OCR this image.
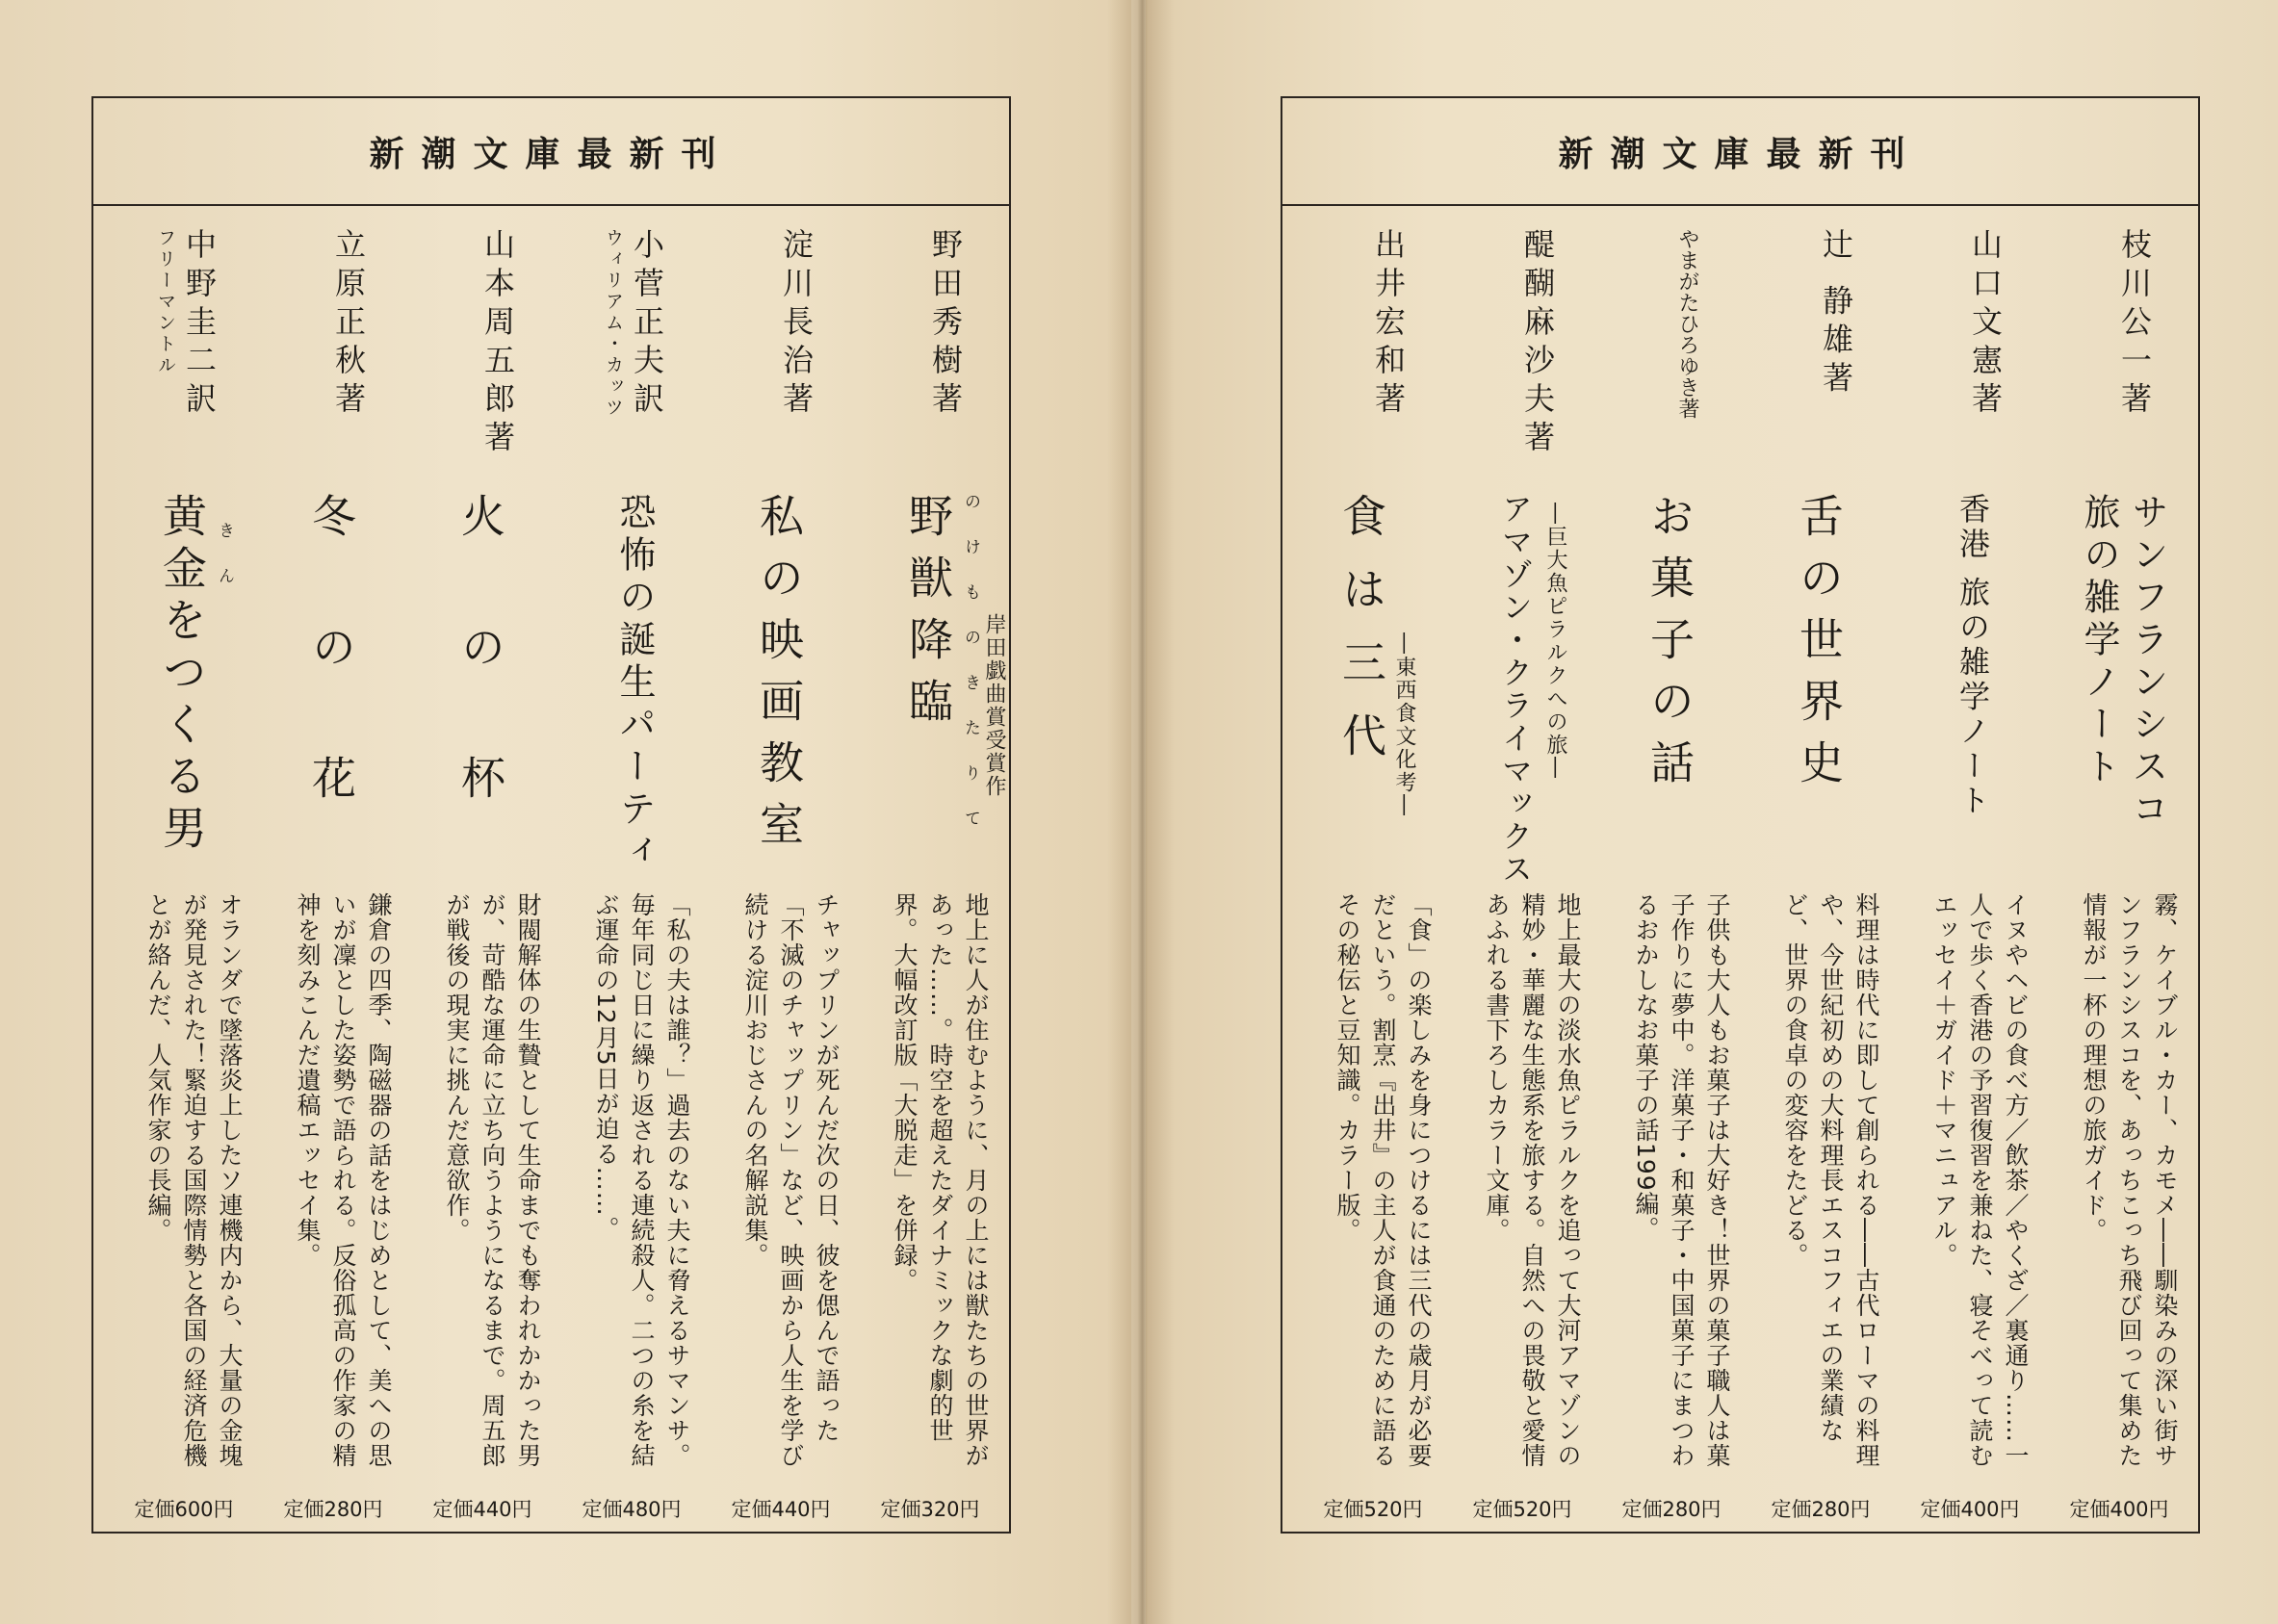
新潮文庫最新刊
野田秀樹著
野獣降臨 のけものきたりて 岸田戯曲賞受賞作
地上に人が住むように、月の上には獣たちの世界があった……。時空を超えたダイナミックな劇的世界。大幅改訂版「大脱走」を併録。
定価320円
淀川長治著
私の映画教室
チャップリンが死んだ次の日、彼を偲んで語った「不滅のチャップリン」など、映画から人生を学び続ける淀川おじさんの名解説集。
定価440円
ウィリアム・カッツ 小菅正夫訳
恐怖の誕生パーティ
「私の夫は誰？」過去のない夫に脅えるサマンサ。毎年同じ日に繰り返される連続殺人。二つの糸を結ぶ運命の12月5日が迫る……。
定価480円
山本周五郎著
火の杯
財閥解体の生贄として生命までも奪われかかった男が、苛酷な運命に立ち向うようになるまで。周五郎が戦後の現実に挑んだ意欲作。
定価440円
立原正秋著
冬の花
鎌倉の四季、陶磁器の話をはじめとして、美への思いが凜とした姿勢で語られる。反俗孤高の作家の精神を刻みこんだ遺稿エッセイ集。
定価280円
フリーマントル 中野圭二訳
黄金をつくる男 きん
オランダで墜落炎上したソ連機内から、大量の金塊が発見された！緊迫する国際情勢と各国の経済危機とが絡んだ、人気作家の長編。
定価600円
新潮文庫最新刊
枝川公一著
サンフランシスコ旅の雑学ノート
霧、ケイブル・カー、カモメ――馴染みの深い街サンフランシスコを、あっちこっち飛び回って集めた情報が一杯の理想の旅ガイド。
定価400円
山口文憲著
香港 旅の雑学ノート
イヌやヘビの食べ方／飲茶／やくざ／裏通り……一人で歩く香港の予習復習を兼ねた、寝そべって読むエッセイ＋ガイド＋マニュアル。
定価400円
辻 静雄著
舌の世界史
料理は時代に即して創られる――古代ローマの料理や、今世紀初めの大料理長エスコフィエの業績など、世界の食卓の変容をたどる。
定価280円
やまがたひろゆき著
お菓子の話
子供も大人もお菓子は大好き！世界の菓子職人は菓子作りに夢中。洋菓子・和菓子・中国菓子にまつわるおかしなお菓子の話199編。
定価280円
醍醐麻沙夫著
アマゾン・クライマックス ―巨大魚ピラルクへの旅―
地上最大の淡水魚ピラルクを追って大河アマゾンの精妙・華麗な生態系を旅する。自然への畏敬と愛情あふれる書下ろしカラー文庫。
定価520円
出井宏和著
食は三代 ―東西食文化考―
「食」の楽しみを身につけるには三代の歳月が必要だという。割烹『出井』の主人が食通のために語るその秘伝と豆知識。カラー版。
定価520円
